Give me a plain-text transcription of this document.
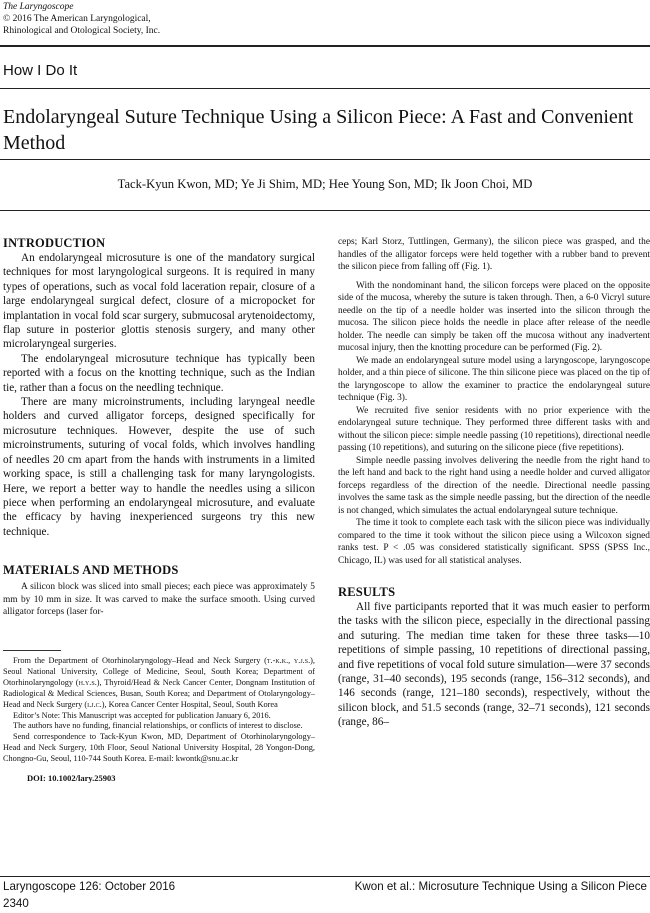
The Laryngoscope
© 2016 The American Laryngological,
Rhinological and Otological Society, Inc.
How I Do It
Endolaryngeal Suture Technique Using a Silicon Piece: A Fast and Convenient Method
Tack-Kyun Kwon, MD; Ye Ji Shim, MD; Hee Young Son, MD; Ik Joon Choi, MD
INTRODUCTION

An endolaryngeal microsuture is one of the mandatory surgical techniques for most laryngological surgeons. It is required in many types of operations, such as vocal fold laceration repair, closure of a large endolaryngeal surgical defect, closure of a micropocket for implantation in vocal fold scar surgery, submucosal arytenoidectomy, flap suture in posterior glottis stenosis surgery, and many other microlaryngeal surgeries.

The endolaryngeal microsuture technique has typically been reported with a focus on the knotting technique, such as the Indian tie, rather than a focus on the needling technique.

There are many microinstruments, including laryngeal needle holders and curved alligator forceps, designed specifically for microsuture techniques. However, despite the use of such microinstruments, suturing of vocal folds, which involves handling of needles 20 cm apart from the hands with instruments in a limited working space, is still a challenging task for many laryngologists. Here, we report a better way to handle the needles using a silicon piece when performing an endolaryngeal microsuture, and evaluate the efficacy by having inexperienced surgeons try this new technique.

MATERIALS AND METHODS

A silicon block was sliced into small pieces; each piece was approximately 5 mm by 10 mm in size. It was carved to make the surface smooth. Using curved alligator forceps (laser for-

From the Department of Otorhinolaryngology–Head and Neck Surgery (t.-k.k., y.j.s.), Seoul National University, College of Medicine, Seoul, South Korea; Department of Otorhinolaryngology (h.y.s.), Thyroid/Head & Neck Cancer Center, Dongnam Institution of Radiological & Medical Sciences, Busan, South Korea; and Department of Otolaryngology–Head and Neck Surgery (i.j.c.), Korea Cancer Center Hospital, Seoul, South Korea

Editor’s Note: This Manuscript was accepted for publication January 6, 2016.

The authors have no funding, financial relationships, or conflicts of interest to disclose.

Send correspondence to Tack-Kyun Kwon, MD, Department of Otorhinolaryngology–Head and Neck Surgery, 10th Floor, Seoul National University Hospital, 28 Yongon-Dong, Chongno-Gu, Seoul, 110-744 South Korea. E-mail: kwontk@snu.ac.kr

DOI: 10.1002/lary.25903

ceps; Karl Storz, Tuttlingen, Germany), the silicon piece was grasped, and the handles of the alligator forceps were held together with a rubber band to prevent the silicon piece from falling off (Fig. 1).

With the nondominant hand, the silicon forceps were placed on the opposite side of the mucosa, whereby the suture is taken through. Then, a 6-0 Vicryl suture needle on the tip of a needle holder was inserted into the silicon through the mucosa. The silicon piece holds the needle in place after release of the needle holder. The needle can simply be taken off the mucosa without any inadvertent mucosal injury, then the knotting procedure can be performed (Fig. 2).

We made an endolaryngeal suture model using a laryngoscope, laryngoscope holder, and a thin piece of silicone. The thin silicone piece was placed on the tip of the laryngoscope to allow the examiner to practice the endolaryngeal suture technique (Fig. 3).

We recruited five senior residents with no prior experience with the endolaryngeal suture technique. They performed three different tasks with and without the silicon piece: simple needle passing (10 repetitions), directional needle passing (10 repetitions), and suturing on the silicone piece (five repetitions).

Simple needle passing involves delivering the needle from the right hand to the left hand and back to the right hand using a needle holder and curved alligator forceps regardless of the direction of the needle. Directional needle passing involves the same task as the simple needle passing, but the direction of the needle is not changed, which simulates the actual endolaryngeal suture technique.

The time it took to complete each task with the silicon piece was individually compared to the time it took without the silicon piece using a Wilcoxon signed ranks test. P < .05 was considered statistically significant. SPSS (SPSS Inc., Chicago, IL) was used for all statistical analyses.

RESULTS

All five participants reported that it was much easier to perform the tasks with the silicon piece, especially in the directional passing and suturing. The median time taken for these three tasks—10 repetitions of simple passing, 10 repetitions of directional passing, and five repetitions of vocal fold suture simulation—were 37 seconds (range, 31–40 seconds), 195 seconds (range, 156–312 seconds), and 146 seconds (range, 121–180 seconds), respectively, without the silicon block, and 51.5 seconds (range, 32–71 seconds), 121 seconds (range, 86–

Laryngoscope 126: October 2016	Kwon et al.: Microsuture Technique Using a Silicon Piece
2340
